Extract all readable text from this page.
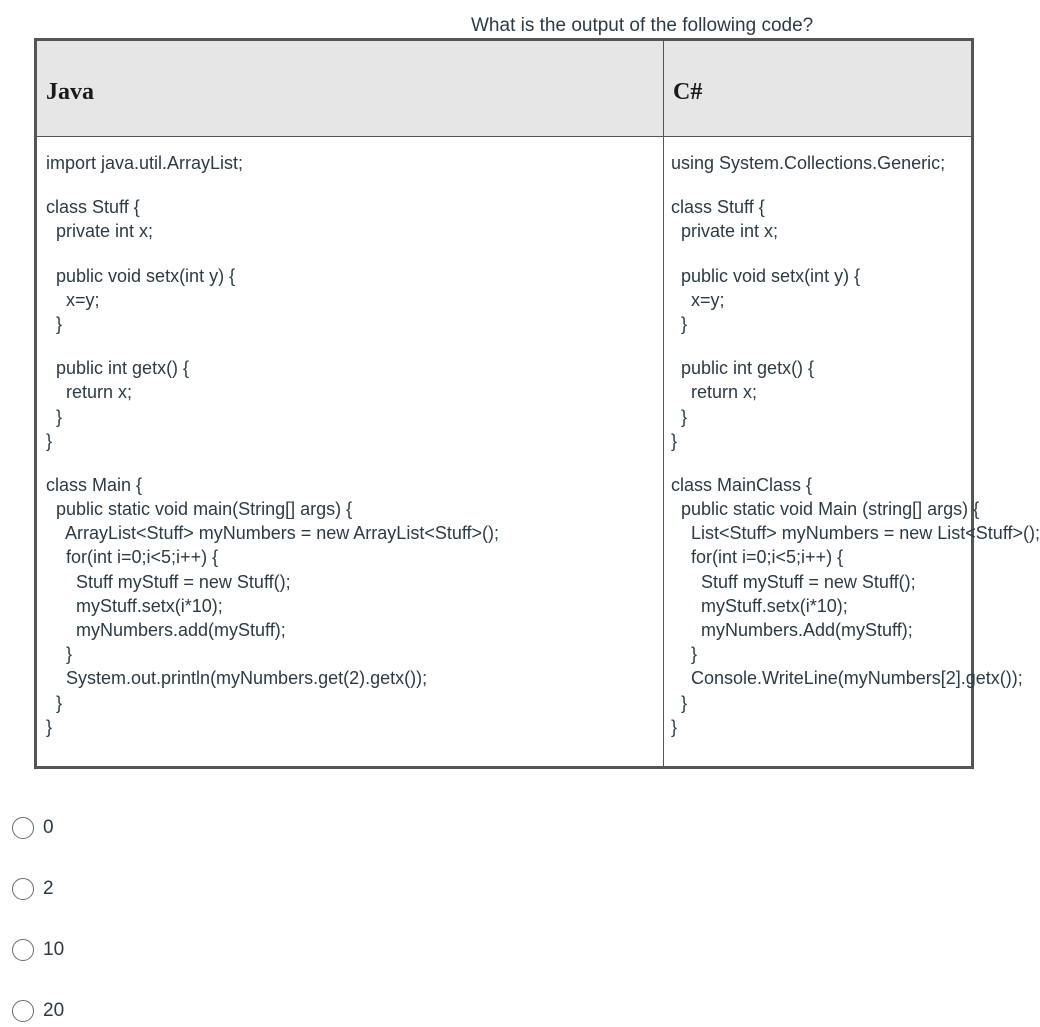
What is the output of the following code?
Java	C#
import java.util.ArrayList;
class Stuff {
private int x;
public void setx(int y) {
x=y;
}
public int getx() {
return x;
}
}
class Main {
public static void main(String[] args) {
ArrayList<Stuff> myNumbers = new ArrayList<Stuff>();
for(int i=0;i<5;i++) {
Stuff myStuff = new Stuff();
myStuff.setx(i*10);
myNumbers.add(myStuff);
}
System.out.println(myNumbers.get(2).getx());
}
}
using System.Collections.Generic;
class Stuff {
private int x;
public void setx(int y) {
x=y;
}
public int getx() {
return x;
}
}
class MainClass {
public static void Main (string[] args) {
List<Stuff> myNumbers = new List<Stuff>();
for(int i=0;i<5;i++) {
Stuff myStuff = new Stuff();
myStuff.setx(i*10);
myNumbers.Add(myStuff);
}
Console.WriteLine(myNumbers[2].getx());
}
}
0
2
10
20
